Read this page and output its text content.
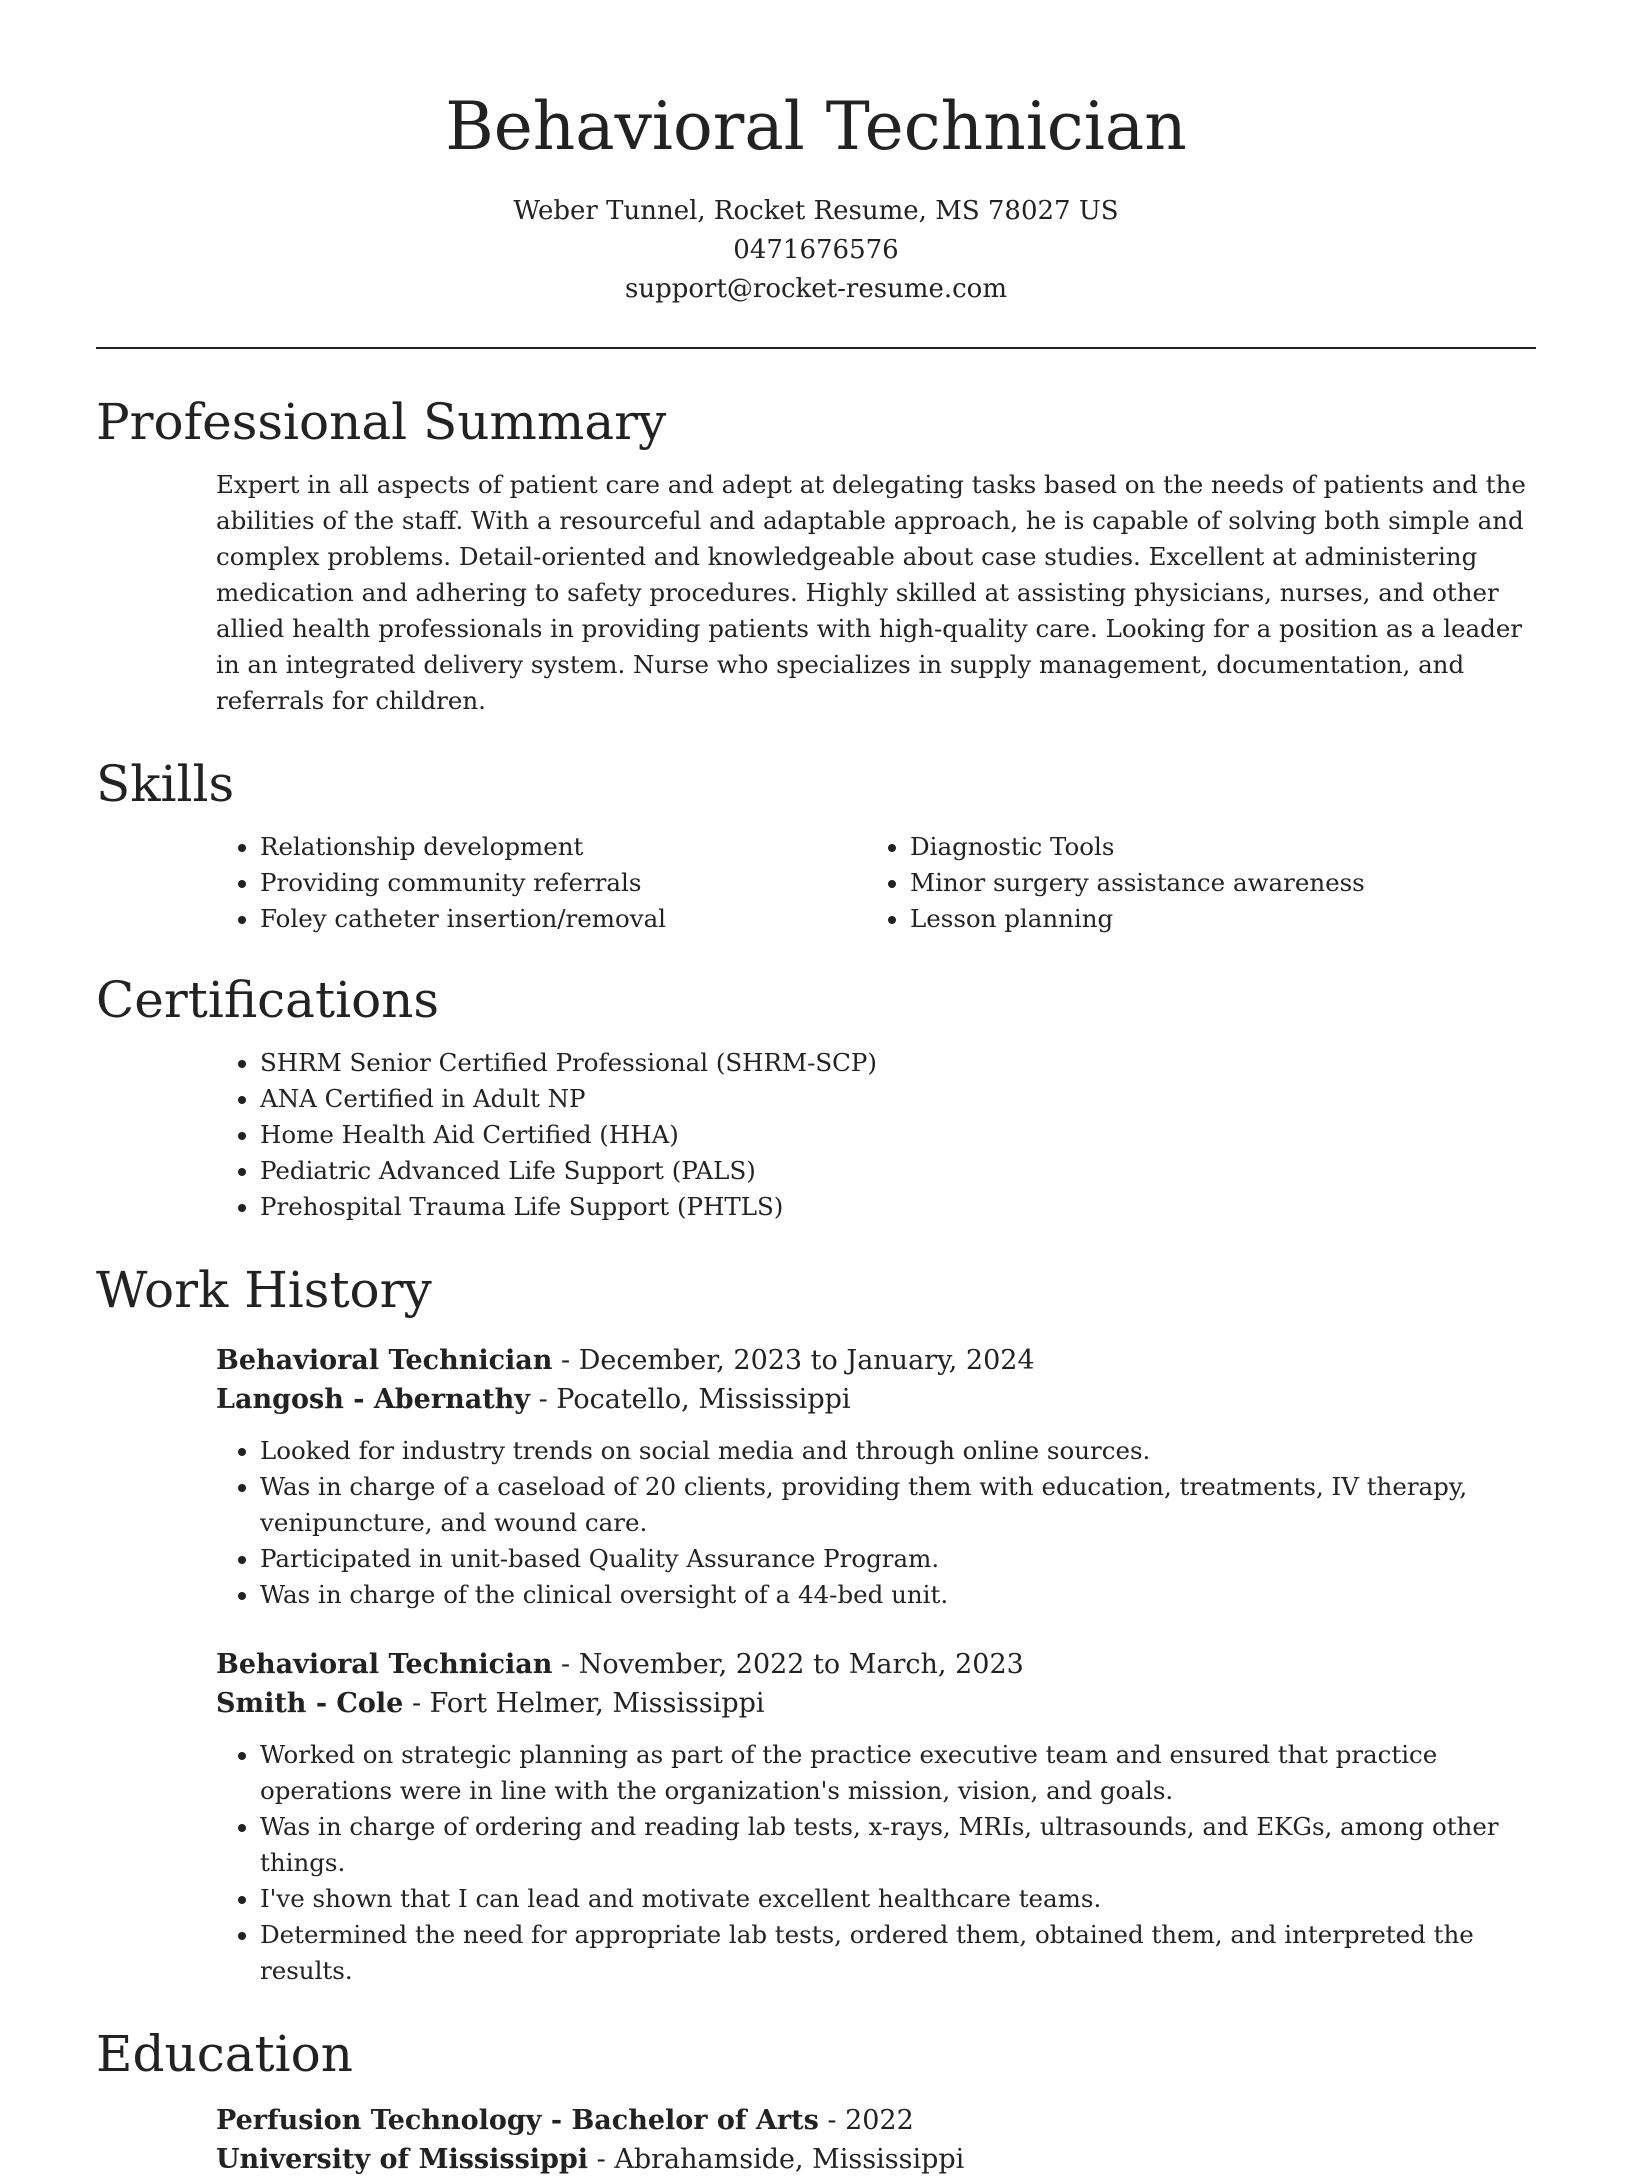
Behavioral Technician
Weber Tunnel, Rocket Resume, MS 78027 US
0471676576
support@rocket-resume.com
Professional Summary
Expert in all aspects of patient care and adept at delegating tasks based on the needs of patients and the abilities of the staff. With a resourceful and adaptable approach, he is capable of solving both simple and complex problems. Detail-oriented and knowledgeable about case studies. Excellent at administering medication and adhering to safety procedures. Highly skilled at assisting physicians, nurses, and other allied health professionals in providing patients with high-quality care. Looking for a position as a leader in an integrated delivery system. Nurse who specializes in supply management, documentation, and referrals for children.
Skills
• Relationship development
• Providing community referrals
• Foley catheter insertion/removal
• Diagnostic Tools
• Minor surgery assistance awareness
• Lesson planning
Certifications
• SHRM Senior Certified Professional (SHRM-SCP)
• ANA Certified in Adult NP
• Home Health Aid Certified (HHA)
• Pediatric Advanced Life Support (PALS)
• Prehospital Trauma Life Support (PHTLS)
Work History
Behavioral Technician - December, 2023 to January, 2024
Langosh - Abernathy - Pocatello, Mississippi
• Looked for industry trends on social media and through online sources.
• Was in charge of a caseload of 20 clients, providing them with education, treatments, IV therapy, venipuncture, and wound care.
• Participated in unit-based Quality Assurance Program.
• Was in charge of the clinical oversight of a 44-bed unit.
Behavioral Technician - November, 2022 to March, 2023
Smith - Cole - Fort Helmer, Mississippi
• Worked on strategic planning as part of the practice executive team and ensured that practice operations were in line with the organization's mission, vision, and goals.
• Was in charge of ordering and reading lab tests, x-rays, MRIs, ultrasounds, and EKGs, among other things.
• I've shown that I can lead and motivate excellent healthcare teams.
• Determined the need for appropriate lab tests, ordered them, obtained them, and interpreted the results.
Education
Perfusion Technology - Bachelor of Arts - 2022
University of Mississippi - Abrahamside, Mississippi
